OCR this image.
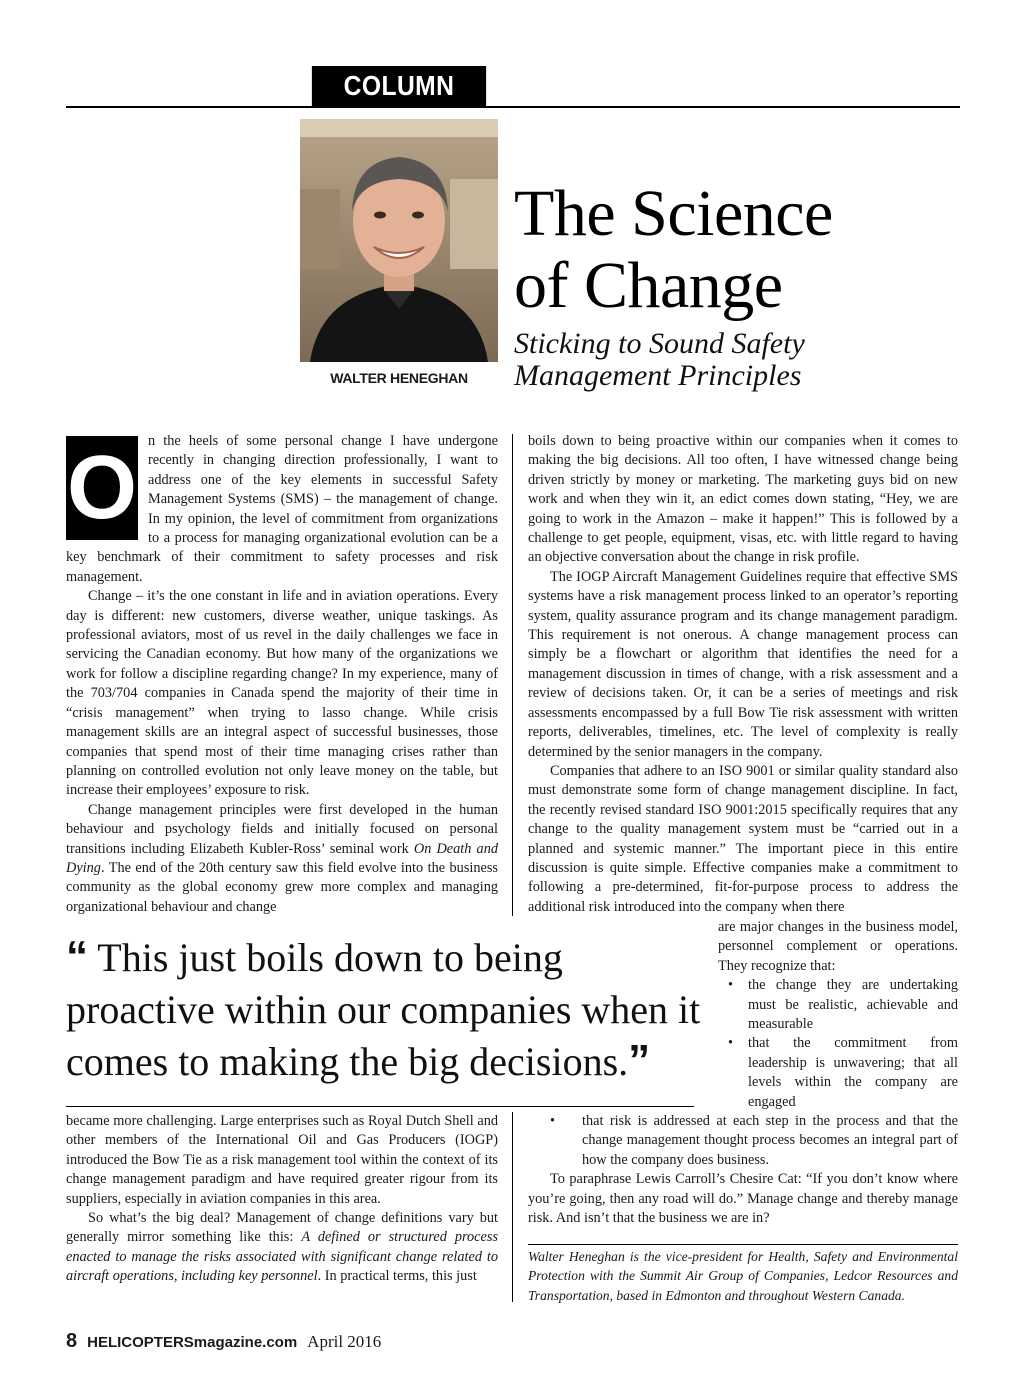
COLUMN
WALTER HENEGHAN
The Science
of Change
Sticking to Sound Safety
Management Principles
O n the heels of some personal change I have undergone recently in changing direction professionally, I want to address one of the key elements in successful Safety Management Systems (SMS) – the management of change. In my opinion, the level of commitment from organizations to a process for managing organizational evolution can be a key benchmark of their commitment to safety processes and risk management.

Change – it’s the one constant in life and in aviation operations. Every day is different: new customers, diverse weather, unique taskings. As professional aviators, most of us revel in the daily challenges we face in servicing the Canadian economy. But how many of the organizations we work for follow a discipline regarding change? In my experience, many of the 703/704 companies in Canada spend the majority of their time in “crisis management” when trying to lasso change. While crisis management skills are an integral aspect of successful businesses, those companies that spend most of their time managing crises rather than planning on controlled evolution not only leave money on the table, but increase their employees’ exposure to risk.

Change management principles were first developed in the human behaviour and psychology fields and initially focused on personal transitions including Elizabeth Kubler-Ross’ seminal work On Death and Dying. The end of the 20th century saw this field evolve into the business community as the global economy grew more complex and managing organizational behaviour and change

boils down to being proactive within our companies when it comes to making the big decisions. All too often, I have witnessed change being driven strictly by money or marketing. The marketing guys bid on new work and when they win it, an edict comes down stating, “Hey, we are going to work in the Amazon – make it happen!” This is followed by a challenge to get people, equipment, visas, etc. with little regard to having an objective conversation about the change in risk profile.

The IOGP Aircraft Management Guidelines require that effective SMS systems have a risk management process linked to an operator’s reporting system, quality assurance program and its change management paradigm. This requirement is not onerous. A change management process can simply be a flowchart or algorithm that identifies the need for a management discussion in times of change, with a risk assessment and a review of decisions taken. Or, it can be a series of meetings and risk assessments encompassed by a full Bow Tie risk assessment with written reports, deliverables, timelines, etc. The level of complexity is really determined by the senior managers in the company.

Companies that adhere to an ISO 9001 or similar quality standard also must demonstrate some form of change management discipline. In fact, the recently revised standard ISO 9001:2015 specifically requires that any change to the quality management system must be “carried out in a planned and systemic manner.” The important piece in this entire discussion is quite simple. Effective companies make a commitment to following a pre-determined, fit-for-purpose process to address the additional risk introduced into the company when there

“ This just boils down to being proactive within our companies when it comes to making the big decisions.”

are major changes in the business model, personnel complement or operations. They recognize that:

• the change they are undertaking must be realistic, achievable and measurable
• that the commitment from leadership is unwavering; that all levels within the company are engaged

became more challenging. Large enterprises such as Royal Dutch Shell and other members of the International Oil and Gas Producers (IOGP) introduced the Bow Tie as a risk management tool within the context of its change management paradigm and have required greater rigour from its suppliers, especially in aviation companies in this area.

So what’s the big deal? Management of change definitions vary but generally mirror something like this: A defined or structured process enacted to manage the risks associated with significant change related to aircraft operations, including key personnel. In practical terms, this just

• that risk is addressed at each step in the process and that the change management thought process becomes an integral part of how the company does business.

To paraphrase Lewis Carroll’s Chesire Cat: “If you don’t know where you’re going, then any road will do.” Manage change and thereby manage risk. And isn’t that the business we are in?

Walter Heneghan is the vice-president for Health, Safety and Environmental Protection with the Summit Air Group of Companies, Ledcor Resources and Transportation, based in Edmonton and throughout Western Canada.
8 HELICOPTERSmagazine.com April 2016
